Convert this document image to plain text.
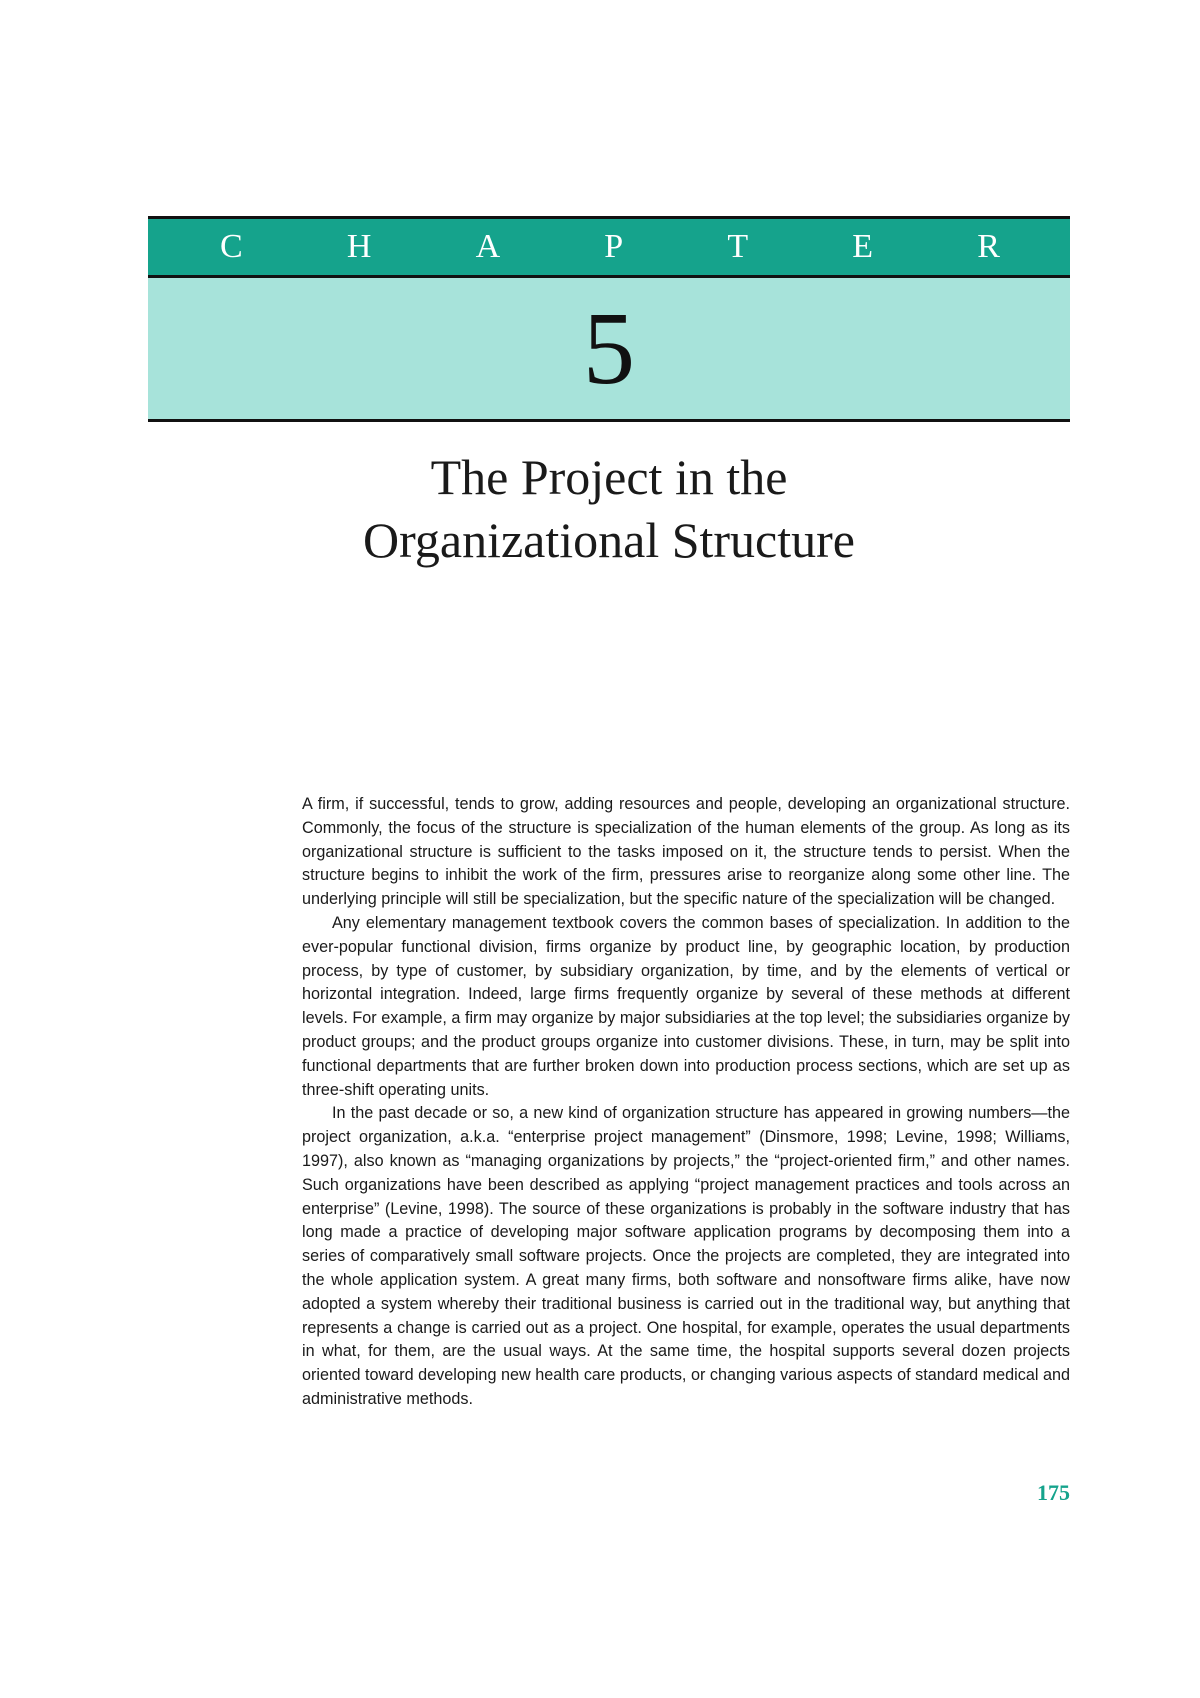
C	H	A	P	T	E	R
5
The Project in the
Organizational Structure

A firm, if successful, tends to grow, adding resources and people, developing an organizational structure. Commonly, the focus of the structure is specialization of the human elements of the group. As long as its organizational structure is sufficient to the tasks imposed on it, the structure tends to persist. When the structure begins to inhibit the work of the firm, pressures arise to reorganize along some other line. The underlying principle will still be specialization, but the specific nature of the specialization will be changed.

Any elementary management textbook covers the common bases of specialization. In addition to the ever-popular functional division, firms organize by product line, by geographic location, by production process, by type of customer, by subsidiary organization, by time, and by the elements of vertical or horizontal integration. Indeed, large firms frequently organize by several of these methods at different levels. For example, a firm may organize by major subsidiaries at the top level; the subsidiaries organize by product groups; and the product groups organize into customer divisions. These, in turn, may be split into functional departments that are further broken down into production process sections, which are set up as three-shift operating units.

In the past decade or so, a new kind of organization structure has appeared in growing numbers—the project organization, a.k.a. “enterprise project management” (Dinsmore, 1998; Levine, 1998; Williams, 1997), also known as “managing organizations by projects,” the “project-oriented firm,” and other names. Such organizations have been described as applying “project management practices and tools across an enterprise” (Levine, 1998). The source of these organizations is probably in the software industry that has long made a practice of developing major software application programs by decomposing them into a series of comparatively small software projects. Once the projects are completed, they are integrated into the whole application system. A great many firms, both software and nonsoftware firms alike, have now adopted a system whereby their traditional business is carried out in the traditional way, but anything that represents a change is carried out as a project. One hospital, for example, operates the usual departments in what, for them, are the usual ways. At the same time, the hospital supports several dozen projects oriented toward developing new health care products, or changing various aspects of standard medical and administrative methods.

175
